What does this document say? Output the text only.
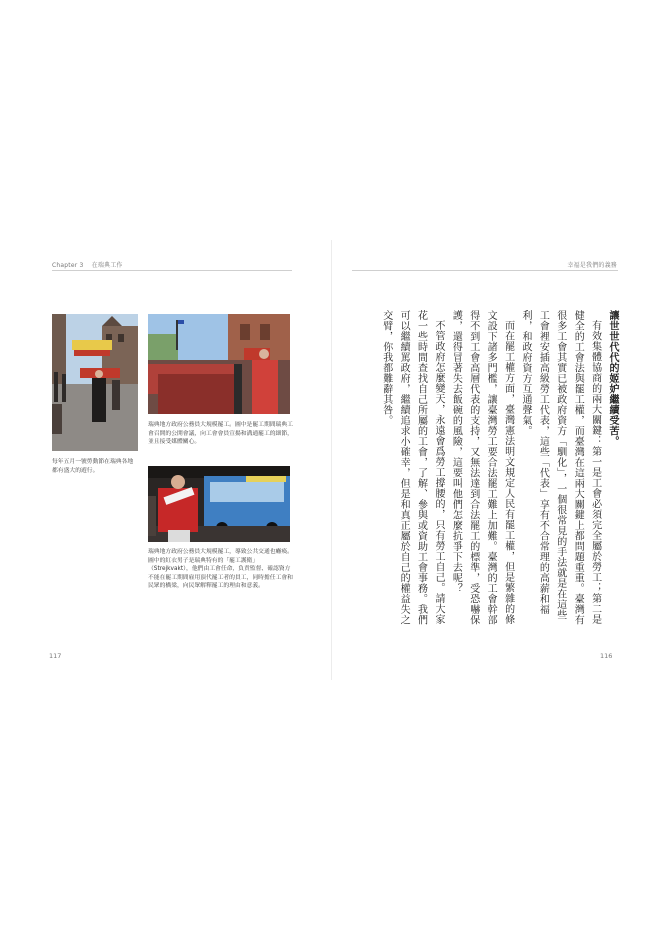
Chapter 3 在瑞典工作	幸福是我們的義務

每年五月一號勞動節在瑞典各地都有盛大的遊行。

瑞典地方政府公務員大規模罷工。圖中是罷工期間瑞典工會召開的公開會議，向工會會員宣揚和溝通罷工的細節，並且接受媒體關心。

瑞典地方政府公務員大規模罷工，導致公共交通也癱瘓。圖中的紅衣男子是瑞典特有的「罷工護衛」（Strejkvakt），他們由工會任命，負責監督、確認資方不能在罷工期間雇用頂代罷工者的員工，同時擔任工會和民眾的橋梁，向民眾解釋罷工的理由和意義。

讓世世代代的姬妒繼續受苦。

有效集體協商的兩大關鍵：第一是工會必須完全屬於勞工；第二是健全的工會法與罷工權，而臺灣在這兩大關鍵上都問題重重。臺灣有很多工會其實已被政府資方「馴化」，一個很常見的手法就是在這些工會裡安插高級勞工代表，這些「代表」享有不合常理的高薪和福利，和政府資方互通聲氣。

而在罷工權方面，臺灣憲法明文規定人民有罷工權，但是繁雜的條文設下諸多門檻，讓臺灣勞工要合法罷工難上加難。臺灣的工會幹部得不到工會高層代表的支持，又無法達到合法罷工的標準，受恐嚇保護，還得冒著失去飯碗的風險，這要叫他們怎麼抗爭下去呢？

不管政府怎麼變天，永遠會爲勞工撐腰的，只有勞工自己。請大家花一些時間查找自己所屬的工會，了解、參與或資助工會事務。我們可以繼續罵政府，繼續追求小確幸，但是和真正屬於自己的權益失之交臂，你我都難辭其咎。

117	116
